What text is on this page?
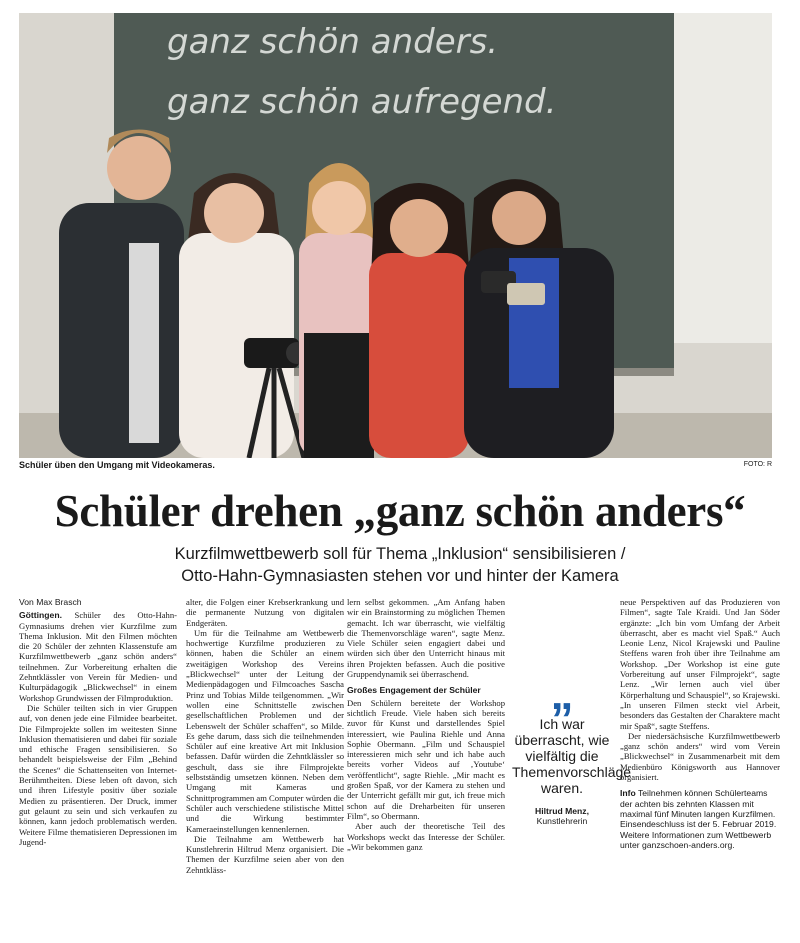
ganz schön anders.
ganz schön aufregend.
Schüler üben den Umgang mit Videokameras.	FOTO: R
Schüler drehen „ganz schön anders“
Kurzfilmwettbewerb soll für Thema „Inklusion“ sensibilisieren /
Otto-Hahn-Gymnasiasten stehen vor und hinter der Kamera
Von Max Brasch

Göttingen. Schüler des Otto-Hahn-Gymnasiums drehen vier Kurzfilme zum Thema Inklusion. Mit den Filmen möchten die 20 Schüler der zehnten Klassenstufe am Kurzfilmwettbewerb „ganz schön anders“ teilnehmen. Zur Vorbereitung erhalten die Zehntklässler von Verein für Medien- und Kulturpädagogik „Blickwechsel“ in einem Workshop Grundwissen der Filmproduktion.

Die Schüler teilten sich in vier Gruppen auf, von denen jede eine Filmidee bearbeitet. Die Filmprojekte sollen im weitesten Sinne Inklusion thematisieren und dabei für soziale und ethische Fragen sensibilisieren. So behandelt beispielsweise der Film „Behind the Scenes“ die Schattenseiten von Internet-Berühmtheiten. Diese leben oft davon, sich und ihren Lifestyle positiv über soziale Medien zu präsentieren. Der Druck, immer gut gelaunt zu sein und sich verkaufen zu können, kann jedoch problematisch werden. Weitere Filme thematisieren Depressionen im Jugend-

alter, die Folgen einer Krebserkrankung und die permanente Nutzung von digitalen Endgeräten.

Um für die Teilnahme am Wettbewerb hochwertige Kurzfilme produzieren zu können, haben die Schüler an einem zweitägigen Workshop des Vereins „Blickwechsel“ unter der Leitung der Medienpädagogen und Filmcoaches Sascha Prinz und Tobias Milde teilgenommen. „Wir wollen eine Schnittstelle zwischen gesellschaftlichen Problemen und der Lebenswelt der Schüler schaffen“, so Milde. Es gehe darum, dass sich die teilnehmenden Schüler auf eine kreative Art mit Inklusion befassen. Dafür würden die Zehntklässler so geschult, dass sie ihre Filmprojekte selbstständig umsetzen können. Neben dem Umgang mit Kameras und Schnittprogrammen am Computer würden die Schüler auch verschiedene stilistische Mittel und die Wirkung bestimmter Kameraeinstellungen kennenlernen.

Die Teilnahme am Wettbewerb hat Kunstlehrerin Hiltrud Menz organisiert. Die Themen der Kurzfilme seien aber von den Zehntkläss-

lern selbst gekommen. „Am Anfang haben wir ein Brainstorming zu möglichen Themen gemacht. Ich war überrascht, wie vielfältig die Themenvorschläge waren“, sagte Menz. Viele Schüler seien engagiert dabei und würden sich über den Unterricht hinaus mit ihren Projekten befassen. Auch die positive Gruppendynamik sei überraschend.

Großes Engagement der Schüler

Den Schülern bereitete der Workshop sichtlich Freude. Viele haben sich bereits zuvor für Kunst und darstellendes Spiel interessiert, wie Paulina Riehle und Anna Sophie Obermann. „Film und Schauspiel interessieren mich sehr und ich habe auch bereits vorher Videos auf ‚Youtube‘ veröffentlicht“, sagte Riehle. „Mir macht es großen Spaß, vor der Kamera zu stehen und der Unterricht gefällt mir gut, ich freue mich schon auf die Dreharbeiten für unseren Film“, so Obermann.

Aber auch der theoretische Teil des Workshops weckt das Interesse der Schüler. „Wir bekommen ganz

„
Ich war überrascht, wie vielfältig die Themenvorschläge waren.
Hiltrud Menz,
Kunstlehrerin

neue Perspektiven auf das Produzieren von Filmen“, sagte Tale Kraidi. Und Jan Söder ergänzte: „Ich bin vom Umfang der Arbeit überrascht, aber es macht viel Spaß.“ Auch Leonie Lenz, Nicol Krajewski und Pauline Steffens waren froh über ihre Teilnahme am Workshop. „Der Workshop ist eine gute Vorbereitung auf unser Filmprojekt“, sagte Lenz. „Wir lernen auch viel über Körperhaltung und Schauspiel“, so Krajewski. „In unseren Filmen steckt viel Arbeit, besonders das Gestalten der Charaktere macht mir Spaß“, sagte Steffens.

Der niedersächsische Kurzfilmwettbewerb „ganz schön anders“ wird vom Verein „Blickwechsel“ in Zusammenarbeit mit dem Medienbüro Königsworth aus Hannover organisiert.

Info Teilnehmen können Schülerteams der achten bis zehnten Klassen mit maximal fünf Minuten langen Kurzfilmen. Einsendeschluss ist der 5. Februar 2019. Weitere Informationen zum Wettbewerb unter ganzschoen-anders.org.
